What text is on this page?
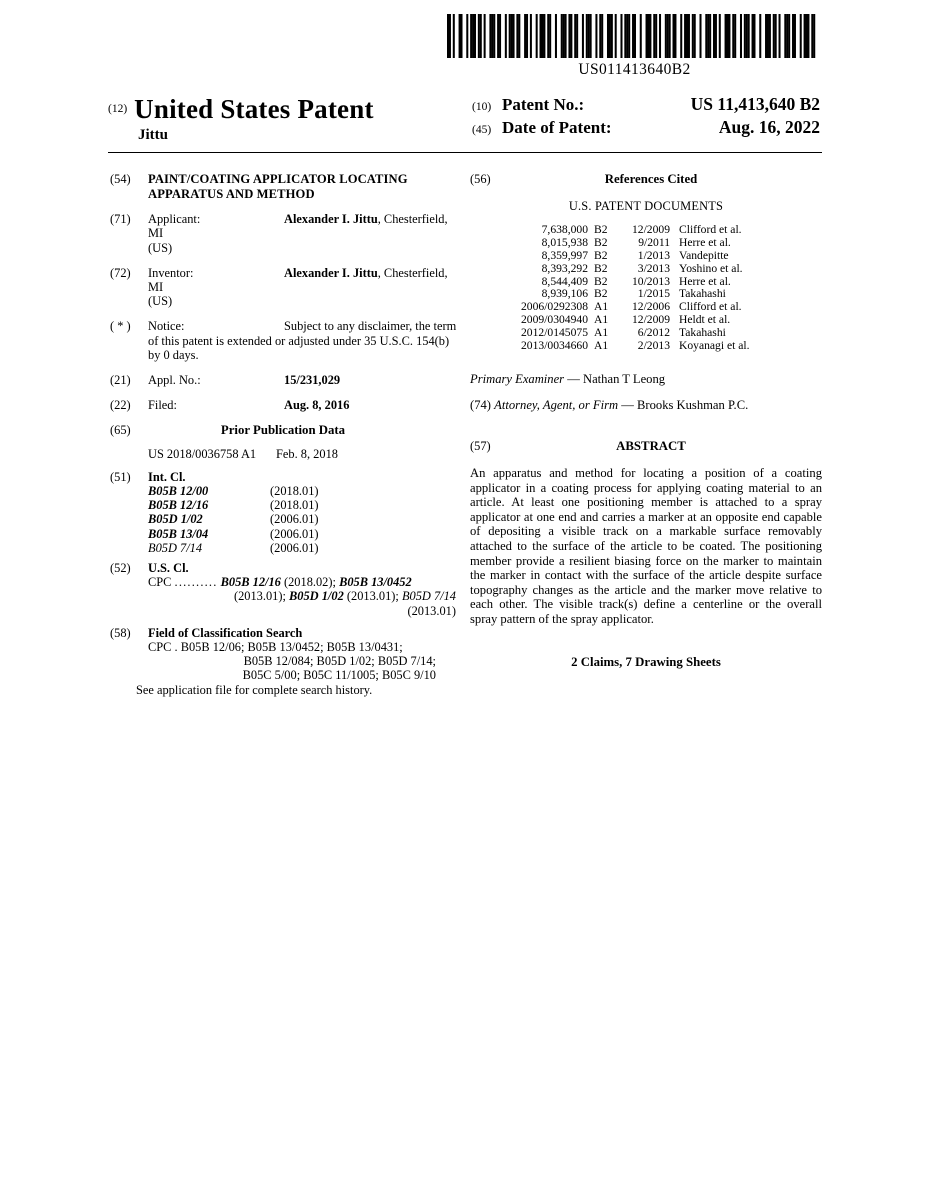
US011413640B2
(12) United States Patent
Jittu
(10) Patent No.:	US 11,413,640 B2
(45) Date of Patent:	Aug. 16, 2022
(54)	PAINT/COATING APPLICATOR LOCATING APPARATUS AND METHOD
(71)	Applicant:	Alexander I. Jittu, Chesterfield, MI
(US)
(72)	Inventor:	Alexander I. Jittu, Chesterfield, MI
(US)
( * )	Notice:	Subject to any disclaimer, the term of this patent is extended or adjusted under 35 U.S.C. 154(b) by 0 days.
(21)	Appl. No.:	15/231,029
(22)	Filed:	Aug. 8, 2016
(65)	Prior Publication Data
US 2018/0036758 A1 Feb. 8, 2018
(51)	Int. Cl.
B05B 12/00	(2018.01)
B05B 12/16	(2018.01)
B05D 1/02	(2006.01)
B05B 13/04	(2006.01)
B05D 7/14	(2006.01)
(52)	U.S. Cl.
CPC .......... B05B 12/16 (2018.02); B05B 13/0452
(2013.01); B05D 1/02 (2013.01); B05D 7/14
(2013.01)
(58)	Field of Classification Search
CPC . B05B 12/06; B05B 13/0452; B05B 13/0431;
B05B 12/084; B05D 1/02; B05D 7/14;
B05C 5/00; B05C 11/1005; B05C 9/10
See application file for complete search history.
(56)	References Cited
U.S. PATENT DOCUMENTS
7,638,000 B2	12/2009 Clifford et al.
8,015,938 B2	9/2011 Herre et al.
8,359,997 B2	1/2013 Vandepitte
8,393,292 B2	3/2013 Yoshino et al.
8,544,409 B2	10/2013 Herre et al.
8,939,106 B2	1/2015 Takahashi
2006/0292308 A1	12/2006 Clifford et al.
2009/0304940 A1	12/2009 Heldt et al.
2012/0145075 A1	6/2012 Takahashi
2013/0034660 A1	2/2013 Koyanagi et al.
Primary Examiner — Nathan T Leong
(74) Attorney, Agent, or Firm — Brooks Kushman P.C.
(57)	ABSTRACT
An apparatus and method for locating a position of a coating applicator in a coating process for applying coating material to an article. At least one positioning member is attached to a spray applicator at one end and carries a marker at an opposite end capable of depositing a visible track on a markable surface removably attached to the surface of the article to be coated. The positioning member provide a resilient biasing force on the marker to maintain the marker in contact with the surface of the article despite surface topography changes as the article and the marker move relative to each other. The visible track(s) define a centerline or the overall spray pattern of the spray applicator.
2 Claims, 7 Drawing Sheets
